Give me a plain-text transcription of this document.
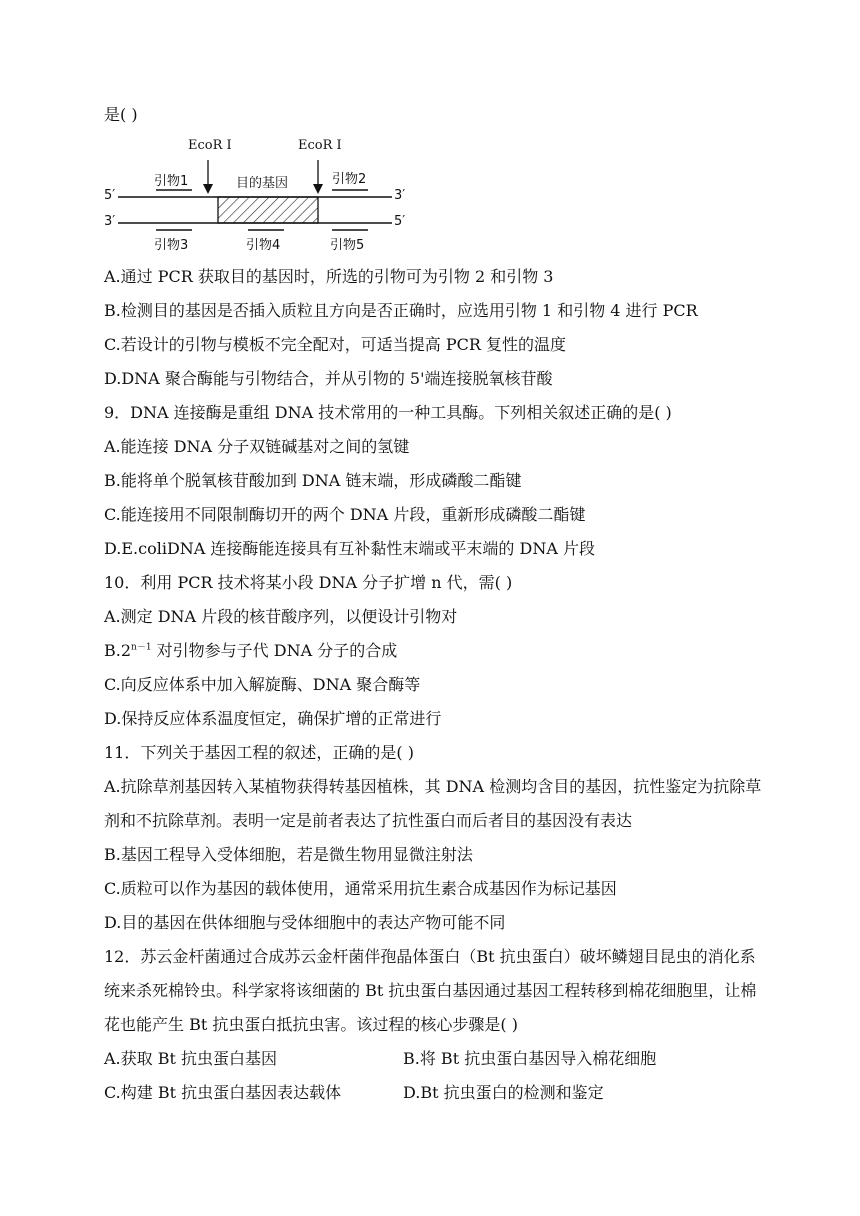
是( )
EcoR Ⅰ	EcoR Ⅰ
引物1	目的基因	引物2
5′	3′
3′	5′
引物3	引物4	引物5
A.通过 PCR 获取目的基因时，所选的引物可为引物 2 和引物 3
B.检测目的基因是否插入质粒且方向是否正确时，应选用引物 1 和引物 4 进行 PCR
C.若设计的引物与模板不完全配对，可适当提高 PCR 复性的温度
D.DNA 聚合酶能与引物结合，并从引物的 5'端连接脱氧核苷酸
9．DNA 连接酶是重组 DNA 技术常用的一种工具酶。下列相关叙述正确的是( )
A.能连接 DNA 分子双链碱基对之间的氢键
B.能将单个脱氧核苷酸加到 DNA 链末端，形成磷酸二酯键
C.能连接用不同限制酶切开的两个 DNA 片段，重新形成磷酸二酯键
D.E.coliDNA 连接酶能连接具有互补黏性末端或平末端的 DNA 片段
10．利用 PCR 技术将某小段 DNA 分子扩增 n 代，需( )
A.测定 DNA 片段的核苷酸序列，以便设计引物对
$B.2^{n-1}$ 对引物参与子代 DNA 分子的合成
C.向反应体系中加入解旋酶、DNA 聚合酶等
D.保持反应体系温度恒定，确保扩增的正常进行
11．下列关于基因工程的叙述，正确的是( )
A.抗除草剂基因转入某植物获得转基因植株，其 DNA 检测均含目的基因，抗性鉴定为抗除草剂和不抗除草剂。表明一定是前者表达了抗性蛋白而后者目的基因没有表达
B.基因工程导入受体细胞，若是微生物用显微注射法
C.质粒可以作为基因的载体使用，通常采用抗生素合成基因作为标记基因
D.目的基因在供体细胞与受体细胞中的表达产物可能不同
12．苏云金杆菌通过合成苏云金杆菌伴孢晶体蛋白（Bt 抗虫蛋白）破坏鳞翅目昆虫的消化系统来杀死棉铃虫。科学家将该细菌的 Bt 抗虫蛋白基因通过基因工程转移到棉花细胞里，让棉花也能产生 Bt 抗虫蛋白抵抗虫害。该过程的核心步骤是( )
A.获取 Bt 抗虫蛋白基因	B.将 Bt 抗虫蛋白基因导入棉花细胞
C.构建 Bt 抗虫蛋白基因表达载体	D.Bt 抗虫蛋白的检测和鉴定
